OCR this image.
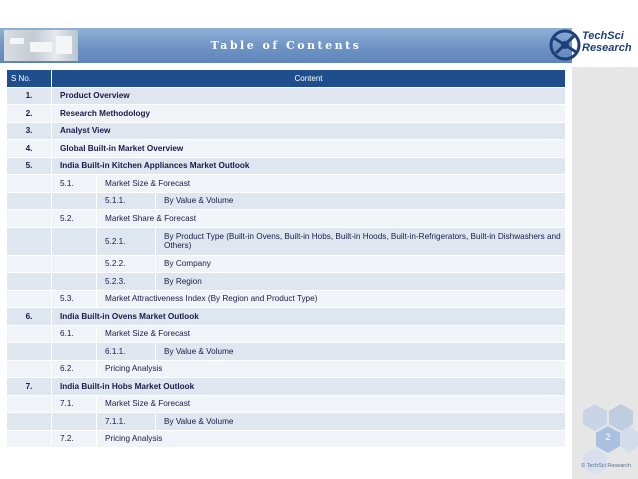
Table of Contents
TechSci
Research
2
© TechSci Research
S No.	Content		
1.	Product Overview		
2.	Research Methodology		
3.	Analyst View		
4.	Global Built-in Market Overview		
5.	India Built-in Kitchen Appliances Market Outlook		
	5.1.	Market Size & Forecast	
		5.1.1.	By Value & Volume
	5.2.	Market Share & Forecast	
		5.2.1.	By Product Type (Built-in Ovens, Built-in Hobs, Built-in Hoods, Built-in-Refrigerators, Built-in Dishwashers and Others)
		5.2.2.	By Company
		5.2.3.	By Region
	5.3.	Market Attractiveness Index (By Region and Product Type)	
6.	India Built-in Ovens Market Outlook		
	6.1.	Market Size & Forecast	
		6.1.1.	By Value & Volume
	6.2.	Pricing Analysis	
7.	India Built-in Hobs Market Outlook		
	7.1.	Market Size & Forecast	
		7.1.1.	By Value & Volume
	7.2.	Pricing Analysis	
